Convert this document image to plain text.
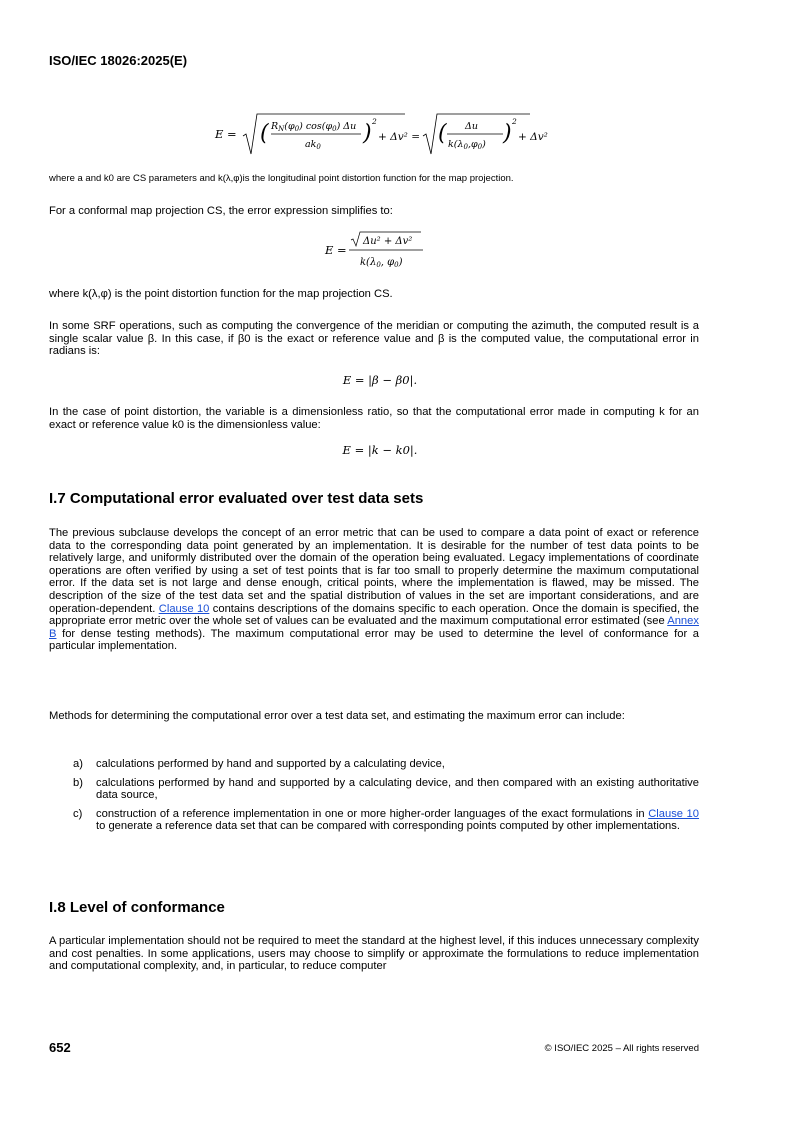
ISO/IEC 18026:2025(E)
E = ( $R_N(\varphi_0)$ $\cos(\varphi_0)$ Δu
$ak_0$
) 2
+ Δv² = ( Δu
$k(\lambda_0,\varphi_0)$ ) 2
+ Δv²

where a and k0 are CS parameters and k(λ,φ)is the longitudinal point distortion function for the map projection.

For a conformal map projection CS, the error expression simplifies to:

E =
Δu² + Δv²
$k(\lambda_0$, $\varphi_0$)

where k(λ,φ) is the point distortion function for the map projection CS.

In some SRF operations, such as computing the convergence of the meridian or computing the azimuth, the computed result is a single scalar value β. In this case, if β0 is the exact or reference value and β is the computed value, the computational error in radians is:

E = |β − β0|.

In the case of point distortion, the variable is a dimensionless ratio, so that the computational error made in computing k for an exact or reference value k0 is the dimensionless value:

E = |k − k0|.
I.7 Computational error evaluated over test data sets

The previous subclause develops the concept of an error metric that can be used to compare a data point of exact or reference data to the corresponding data point generated by an implementation. It is desirable for the number of test data points to be relatively large, and uniformly distributed over the domain of the operation being evaluated. Legacy implementations of coordinate operations are often verified by using a set of test points that is far too small to properly determine the maximum computational error. If the data set is not large and dense enough, critical points, where the implementation is flawed, may be missed. The description of the size of the test data set and the spatial distribution of values in the set are important considerations, and are operation-dependent. Clause 10 contains descriptions of the domains specific to each operation. Once the domain is specified, the appropriate error metric over the whole set of values can be evaluated and the maximum computational error estimated (see Annex B for dense testing methods). The maximum computational error may be used to determine the level of conformance for a particular implementation.

Methods for determining the computational error over a test data set, and estimating the maximum error can include:

a) calculations performed by hand and supported by a calculating device,
b) calculations performed by hand and supported by a calculating device, and then compared with an existing authoritative data source,
c) construction of a reference implementation in one or more higher-order languages of the exact formulations in Clause 10 to generate a reference data set that can be compared with corresponding points computed by other implementations.
I.8 Level of conformance

A particular implementation should not be required to meet the standard at the highest level, if this induces unnecessary complexity and cost penalties. In some applications, users may choose to simplify or approximate the formulations to reduce implementation and computational complexity, and, in particular, to reduce computer

652	© ISO/IEC 2025 – All rights reserved
